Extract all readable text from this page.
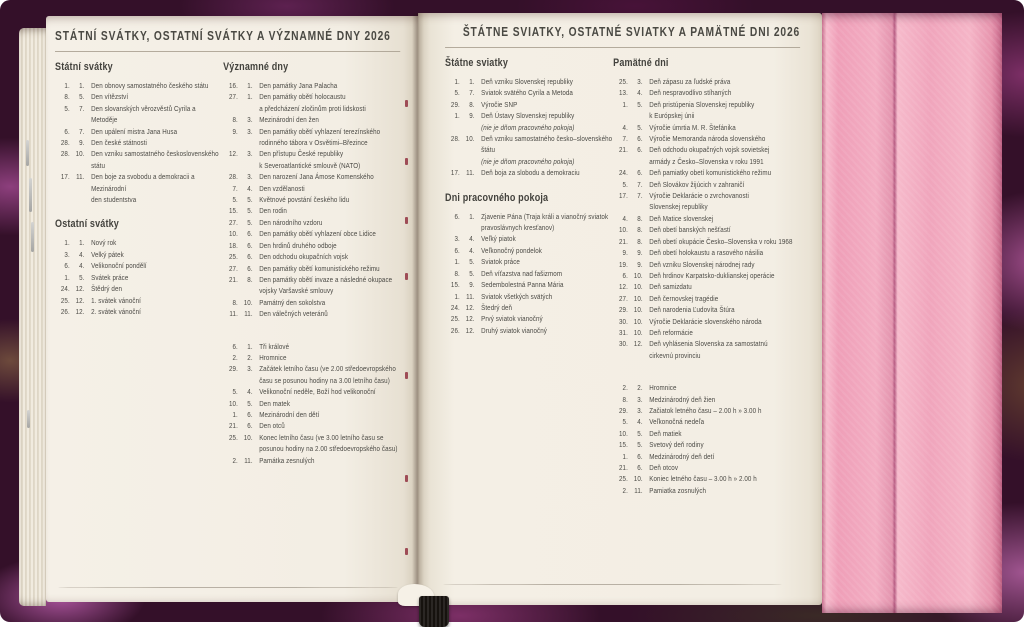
STÁTNÍ SVÁTKY, OSTATNÍ SVÁTKY A VÝZNAMNÉ DNY 2026
Státní svátky
1.	1. Den obnovy samostatného českého státu
8.	5. Den vítězství
5.	7. Den slovanských věrozvěstů Cyrila a Metoděje
6.	7. Den upálení mistra Jana Husa
28.	9. Den české státnosti
28. 10. Den vzniku samostatného československého státu
17. 11. Den boje za svobodu a demokracii a Mezinárodní
den studentstva
Ostatní svátky
1.	1. Nový rok
3.	4. Velký pátek
6.	4. Velikonoční pondělí
1.	5. Svátek práce
24. 12. Štědrý den
25. 12. 1. svátek vánoční
26. 12. 2. svátek vánoční
Významné dny
16.	1. Den památky Jana Palacha
27.	1. Den památky obětí holocaustu
a předcházení zločinům proti lidskosti
8.	3. Mezinárodní den žen
9.	3. Den památky obětí vyhlazení terezínského
rodinného tábora v Osvětimi–Březince
12.	3. Den přístupu České republiky
k Severoatlantické smlouvě (NATO)
28.	3. Den narození Jana Ámose Komenského
7.	4. Den vzdělanosti
5.	5. Květnové povstání českého lidu
15.	5. Den rodin
27.	5. Den národního vzdoru
10.	6. Den památky obětí vyhlazení obce Lidice
18.	6. Den hrdinů druhého odboje
25.	6. Den odchodu okupačních vojsk
27.	6. Den památky obětí komunistického režimu
21.	8. Den památky obětí invaze a následné okupace
vojsky Varšavské smlouvy
8. 10. Památný den sokolstva
11. 11. Den válečných veteránů
6.	1. Tři králové
2.	2. Hromnice
29.	3. Začátek letního času (ve 2.00 středoevropského
času se posunou hodiny na 3.00 letního času)
5.	4. Velikonoční neděle, Boží hod velikonoční
10.	5. Den matek
1.	6. Mezinárodní den dětí
21.	6. Den otců
25. 10. Konec letního času (ve 3.00 letního času se
posunou hodiny na 2.00 středoevropského času)
2. 11. Památka zesnulých
ŠTÁTNE SVIATKY, OSTATNÉ SVIATKY A PAMÄTNÉ DNI 2026
Štátne sviatky
1.	1. Deň vzniku Slovenskej republiky
5.	7. Sviatok svätého Cyrila a Metoda
29.	8. Výročie SNP
1.	9. Deň Ústavy Slovenskej republiky
(nie je dňom pracovného pokoja)
28. 10. Deň vzniku samostatného česko–slovenského štátu
(nie je dňom pracovného pokoja)
17. 11. Deň boja za slobodu a demokraciu
Dni pracovného pokoja
6.	1. Zjavenie Pána (Traja králi a vianočný sviatok
pravoslávnych kresťanov)
3.	4. Veľký piatok
6.	4. Veľkonočný pondelok
1.	5. Sviatok práce
8.	5. Deň víťazstva nad fašizmom
15.	9. Sedembolestná Panna Mária
1. 11. Sviatok všetkých svätých
24. 12. Štedrý deň
25. 12. Prvý sviatok vianočný
26. 12. Druhý sviatok vianočný
Pamätné dni
25.	3. Deň zápasu za ľudské práva
13.	4. Deň nespravodlivo stíhaných
1.	5. Deň pristúpenia Slovenskej republiky
k Európskej únii
4.	5. Výročie úmrtia M. R. Štefánika
7.	6. Výročie Memoranda národa slovenského
21.	6. Deň odchodu okupačných vojsk sovietskej
armády z Česko–Slovenska v roku 1991
24.	6. Deň pamiatky obetí komunistického režimu
5.	7. Deň Slovákov žijúcich v zahraničí
17.	7. Výročie Deklarácie o zvrchovanosti
Slovenskej republiky
4.	8. Deň Matice slovenskej
10.	8. Deň obetí banských nešťastí
21.	8. Deň obetí okupácie Česko–Slovenska v roku 1968
9.	9. Deň obetí holokaustu a rasového násilia
19.	9. Deň vzniku Slovenskej národnej rady
6. 10. Deň hrdinov Karpatsko-duklianskej operácie
12. 10. Deň samizdatu
27. 10. Deň černovskej tragédie
29. 10. Deň narodenia Ľudovíta Štúra
30. 10. Výročie Deklarácie slovenského národa
31. 10. Deň reformácie
30. 12. Deň vyhlásenia Slovenska za samostatnú
cirkevnú provinciu
2.	2. Hromnice
8.	3. Medzinárodný deň žien
29.	3. Začiatok letného času – 2.00 h » 3.00 h
5.	4. Veľkonočná nedeľa
10.	5. Deň matiek
15.	5. Svetový deň rodiny
1.	6. Medzinárodný deň detí
21.	6. Deň otcov
25. 10. Koniec letného času – 3.00 h » 2.00 h
2. 11. Pamiatka zosnulých
